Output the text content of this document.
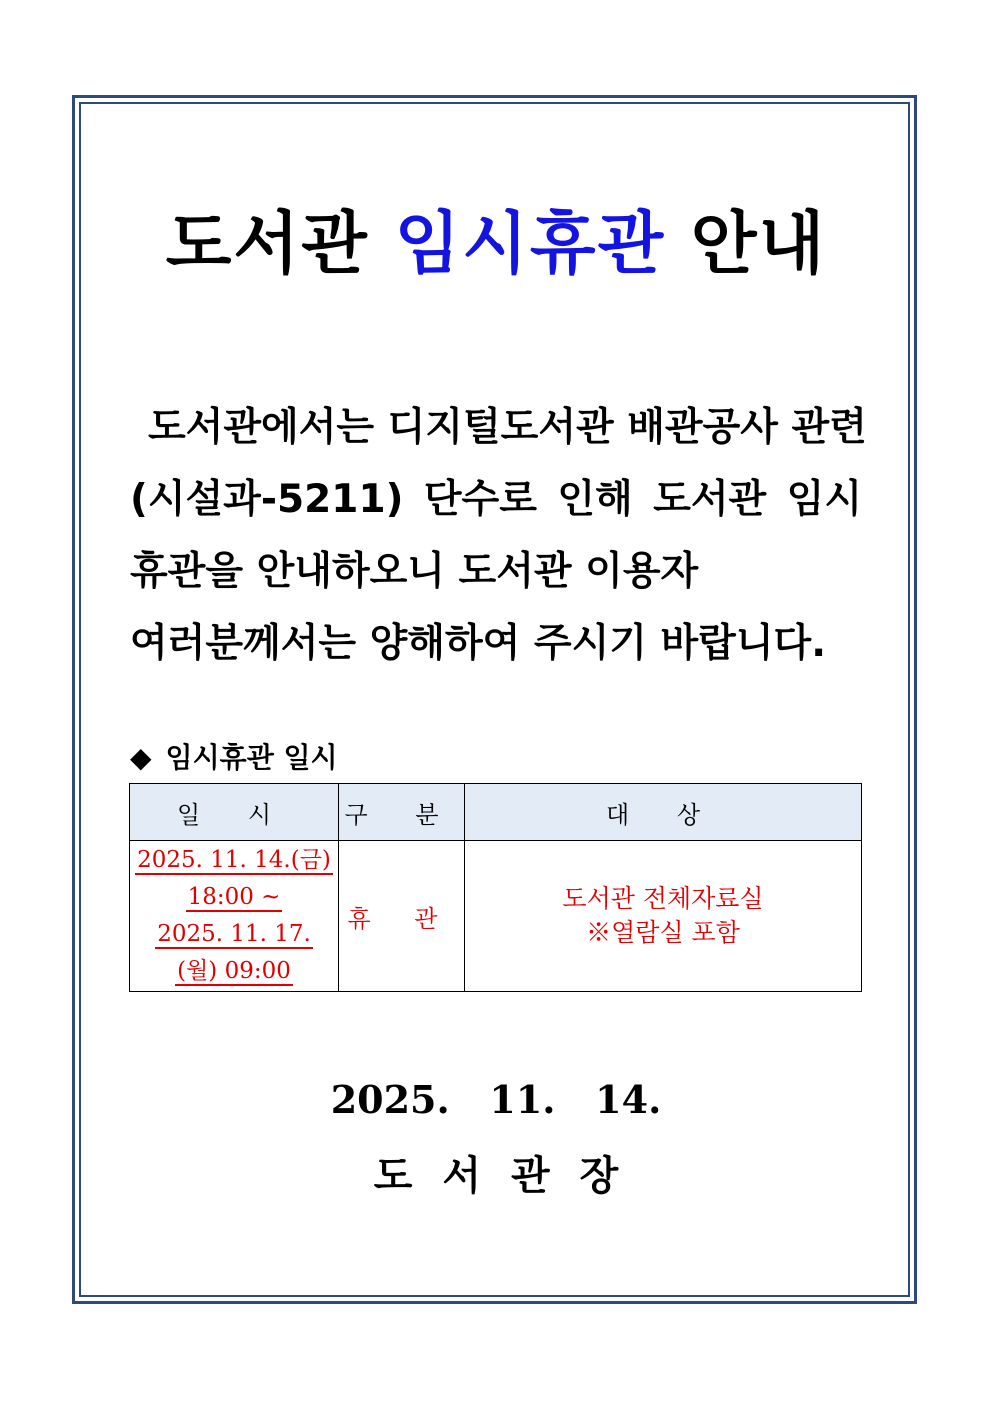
도서관 임시휴관 안내
도서관에서는 디지털도서관 배관공사 관련
(시설과-5211) 단수로 인해 도서관 임시
휴관을 안내하오니 도서관 이용자
여러분께서는 양해하여 주시기 바랍니다.
◆ 임시휴관 일시
일 시	구 분	대 상

2025. 11. 14.(금)
18:00 ~
2025. 11. 17.
(월) 09:00	휴 관	도서관 전체자료실
※열람실 포함
2025.   11.   14.
도서관장
